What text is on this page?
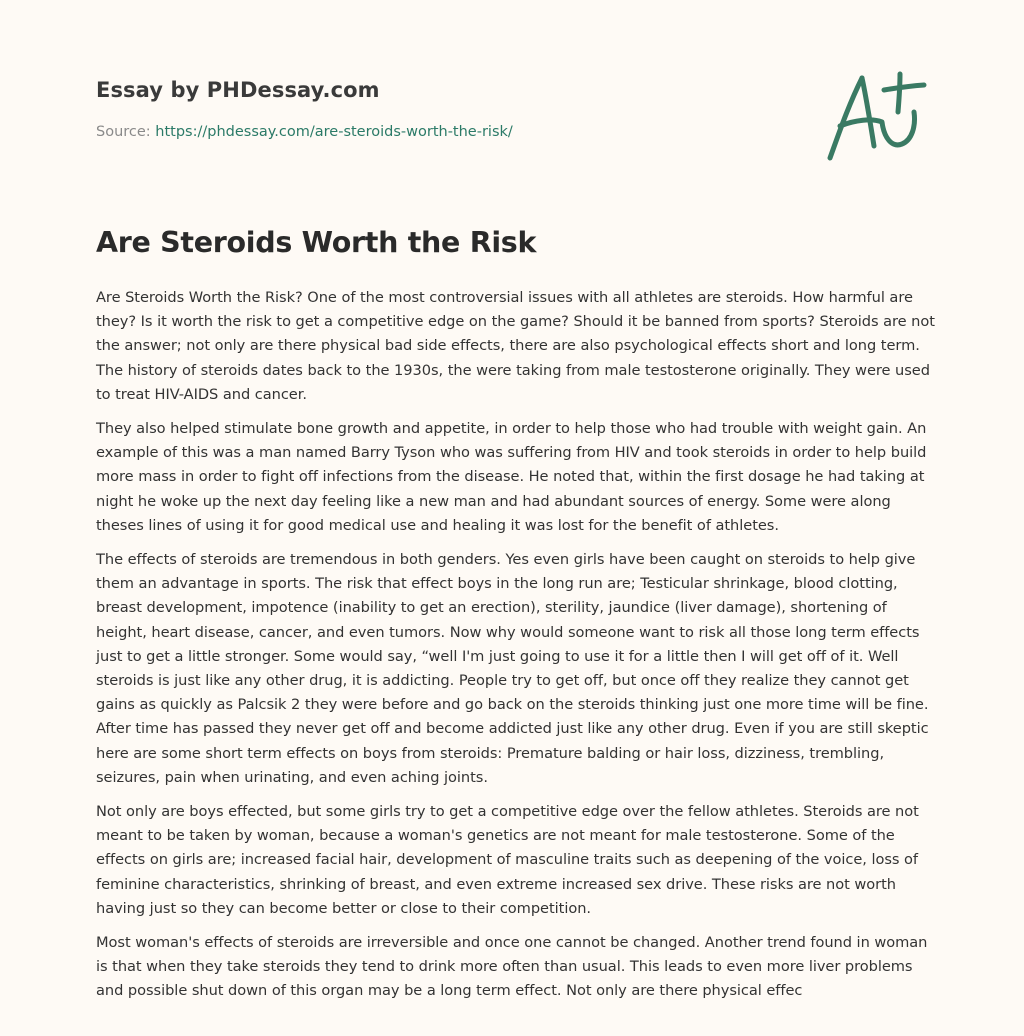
Essay by PHDessay.com
Source: https://phdessay.com/are-steroids-worth-the-risk/
Are Steroids Worth the Risk

Are Steroids Worth the Risk? One of the most controversial issues with all athletes are steroids. How harmful are they? Is it worth the risk to get a competitive edge on the game? Should it be banned from sports? Steroids are not the answer; not only are there physical bad side effects, there are also psychological effects short and long term. The history of steroids dates back to the 1930s, the were taking from male testosterone originally. They were used to treat HIV-AIDS and cancer.

They also helped stimulate bone growth and appetite, in order to help those who had trouble with weight gain. An example of this was a man named Barry Tyson who was suffering from HIV and took steroids in order to help build more mass in order to fight off infections from the disease. He noted that, within the first dosage he had taking at night he woke up the next day feeling like a new man and had abundant sources of energy. Some were along theses lines of using it for good medical use and healing it was lost for the benefit of athletes.

The effects of steroids are tremendous in both genders. Yes even girls have been caught on steroids to help give them an advantage in sports. The risk that effect boys in the long run are; Testicular shrinkage, blood clotting, breast development, impotence (inability to get an erection), sterility, jaundice (liver damage), shortening of height, heart disease, cancer, and even tumors. Now why would someone want to risk all those long term effects just to get a little stronger. Some would say, “well I'm just going to use it for a little then I will get off of it. Well steroids is just like any other drug, it is addicting. People try to get off, but once off they realize they cannot get gains as quickly as Palcsik 2 they were before and go back on the steroids thinking just one more time will be fine. After time has passed they never get off and become addicted just like any other drug. Even if you are still skeptic here are some short term effects on boys from steroids: Premature balding or hair loss, dizziness, trembling, seizures, pain when urinating, and even aching joints.

Not only are boys effected, but some girls try to get a competitive edge over the fellow athletes. Steroids are not meant to be taken by woman, because a woman's genetics are not meant for male testosterone. Some of the effects on girls are; increased facial hair, development of masculine traits such as deepening of the voice, loss of feminine characteristics, shrinking of breast, and even extreme increased sex drive. These risks are not worth having just so they can become better or close to their competition.

Most woman's effects of steroids are irreversible and once one cannot be changed. Another trend found in woman is that when they take steroids they tend to drink more often than usual. This leads to even more liver problems and possible shut down of this organ may be a long term effect. Not only are there physical effec
